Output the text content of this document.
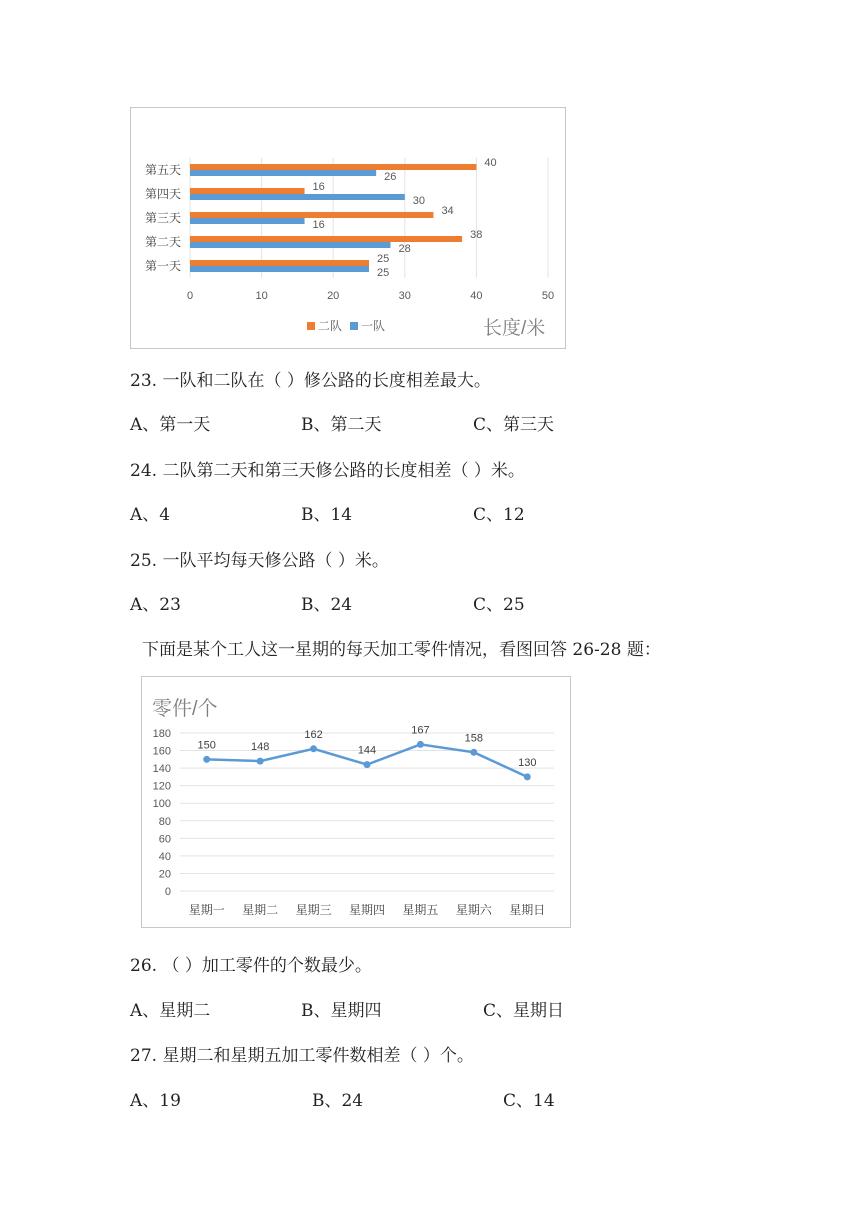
0	10	20	30	40	50
第一天	25
25
第二天	38
28
第三天	34
16
第四天	16
30
第五天	40
26
二队 一队	长度/米
23. 一队和二队在（ ）修公路的长度相差最大。
A、第一天	B、第二天	C、第三天
24. 二队第二天和第三天修公路的长度相差（ ）米。
A、4	B、14	C、12
25. 一队平均每天修公路（ ）米。
A、23	B、24	C、25
下面是某个工人这一星期的每天加工零件情况，看图回答 26-28 题：
零件/个
0
20
40
60
80
100
120
140
160
180
星期一 星期二 星期三 星期四 星期五 星期六 星期日
150	148
162
144
167
158
130
26. （ ）加工零件的个数最少。
A、星期二	B、星期四	C、星期日
27. 星期二和星期五加工零件数相差（ ）个。
A、19	B、24	C、14
